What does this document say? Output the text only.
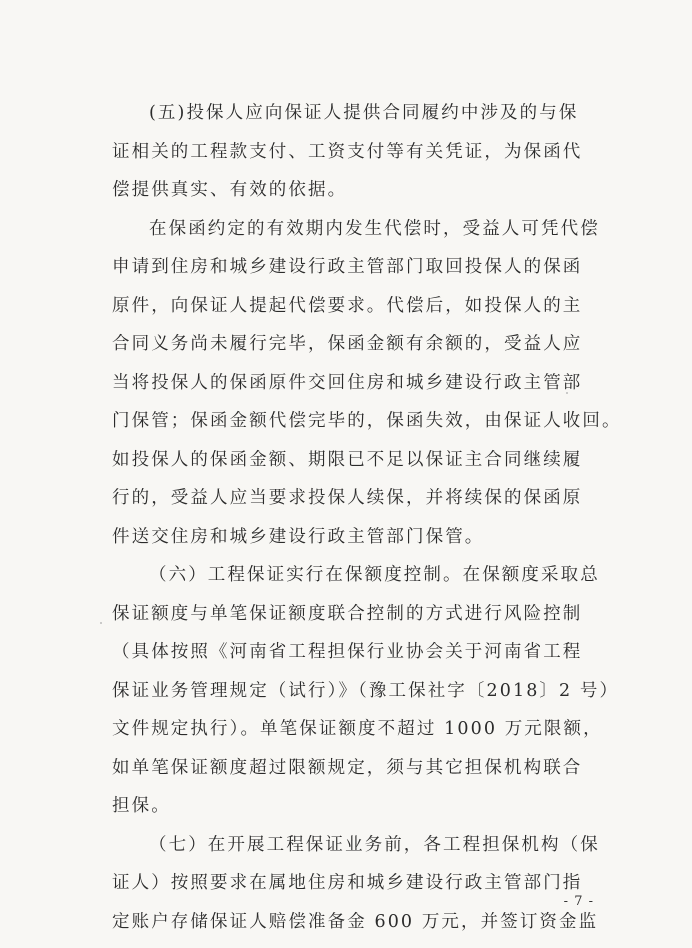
(五)投保人应向保证人提供合同履约中涉及的与保
证相关的工程款支付、工资支付等有关凭证，为保函代
偿提供真实、有效的依据。
在保函约定的有效期内发生代偿时，受益人可凭代偿
申请到住房和城乡建设行政主管部门取回投保人的保函
原件，向保证人提起代偿要求。代偿后，如投保人的主
合同义务尚未履行完毕，保函金额有余额的，受益人应
当将投保人的保函原件交回住房和城乡建设行政主管部
门保管；保函金额代偿完毕的，保函失效，由保证人收回。
如投保人的保函金额、期限已不足以保证主合同继续履
行的，受益人应当要求投保人续保，并将续保的保函原
件送交住房和城乡建设行政主管部门保管。
（六）工程保证实行在保额度控制。在保额度采取总
保证额度与单笔保证额度联合控制的方式进行风险控制
（具体按照《河南省工程担保行业协会关于河南省工程
保证业务管理规定（试行）》（豫工保社字〔2018〕2 号）
文件规定执行）。单笔保证额度不超过 1000 万元限额，
如单笔保证额度超过限额规定，须与其它担保机构联合
担保。
（七）在开展工程保证业务前，各工程担保机构（保
证人）按照要求在属地住房和城乡建设行政主管部门指
定账户存储保证人赔偿准备金 600 万元，并签订资金监
- 7 -
